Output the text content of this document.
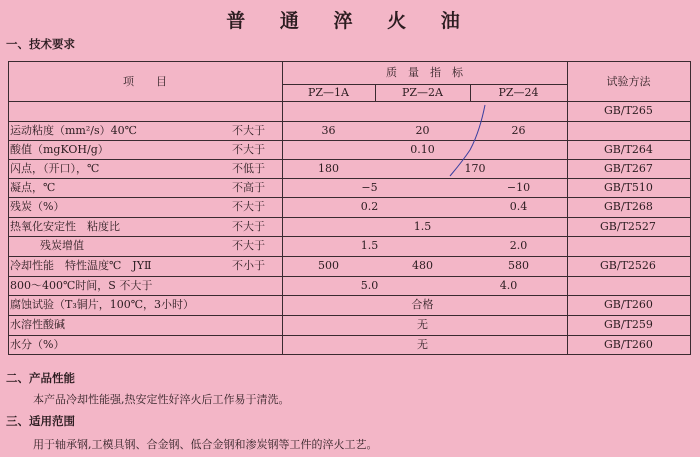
普 通 淬 火 油
一、技术要求
项　　目
质　量　指　标
PZ—1A	PZ—2A	PZ—24
试验方法
GB/T265
运动粘度（mm²/s）40℃	不大于	36	20	26
酸值（mgKOH/g）	不大于	0.10	GB/T264
闪点，（开口），℃	不低于	180	170	GB/T267
凝点，℃	不高于	−5	−10	GB/T510
残炭（%）	不大于	0.2	0.4	GB/T268
热氧化安定性　粘度比	不大于	1.5	GB/T2527
残炭增值	不大于	1.5	2.0
冷却性能　特性温度℃　JYⅡ	不小于	500	480	580	GB/T2526
800～400℃时间，S 不大于	5.0	4.0
腐蚀试验（T₃铜片，100℃，3小时）	合格	GB/T260
水溶性酸碱	无	GB/T259
水分（%）	无	GB/T260
二、产品性能
本产品冷却性能强,热安定性好淬火后工作易于清洗。
三、适用范围
用于轴承钢,工模具钢、合金钢、低合金钢和渗炭钢等工件的淬火工艺。
